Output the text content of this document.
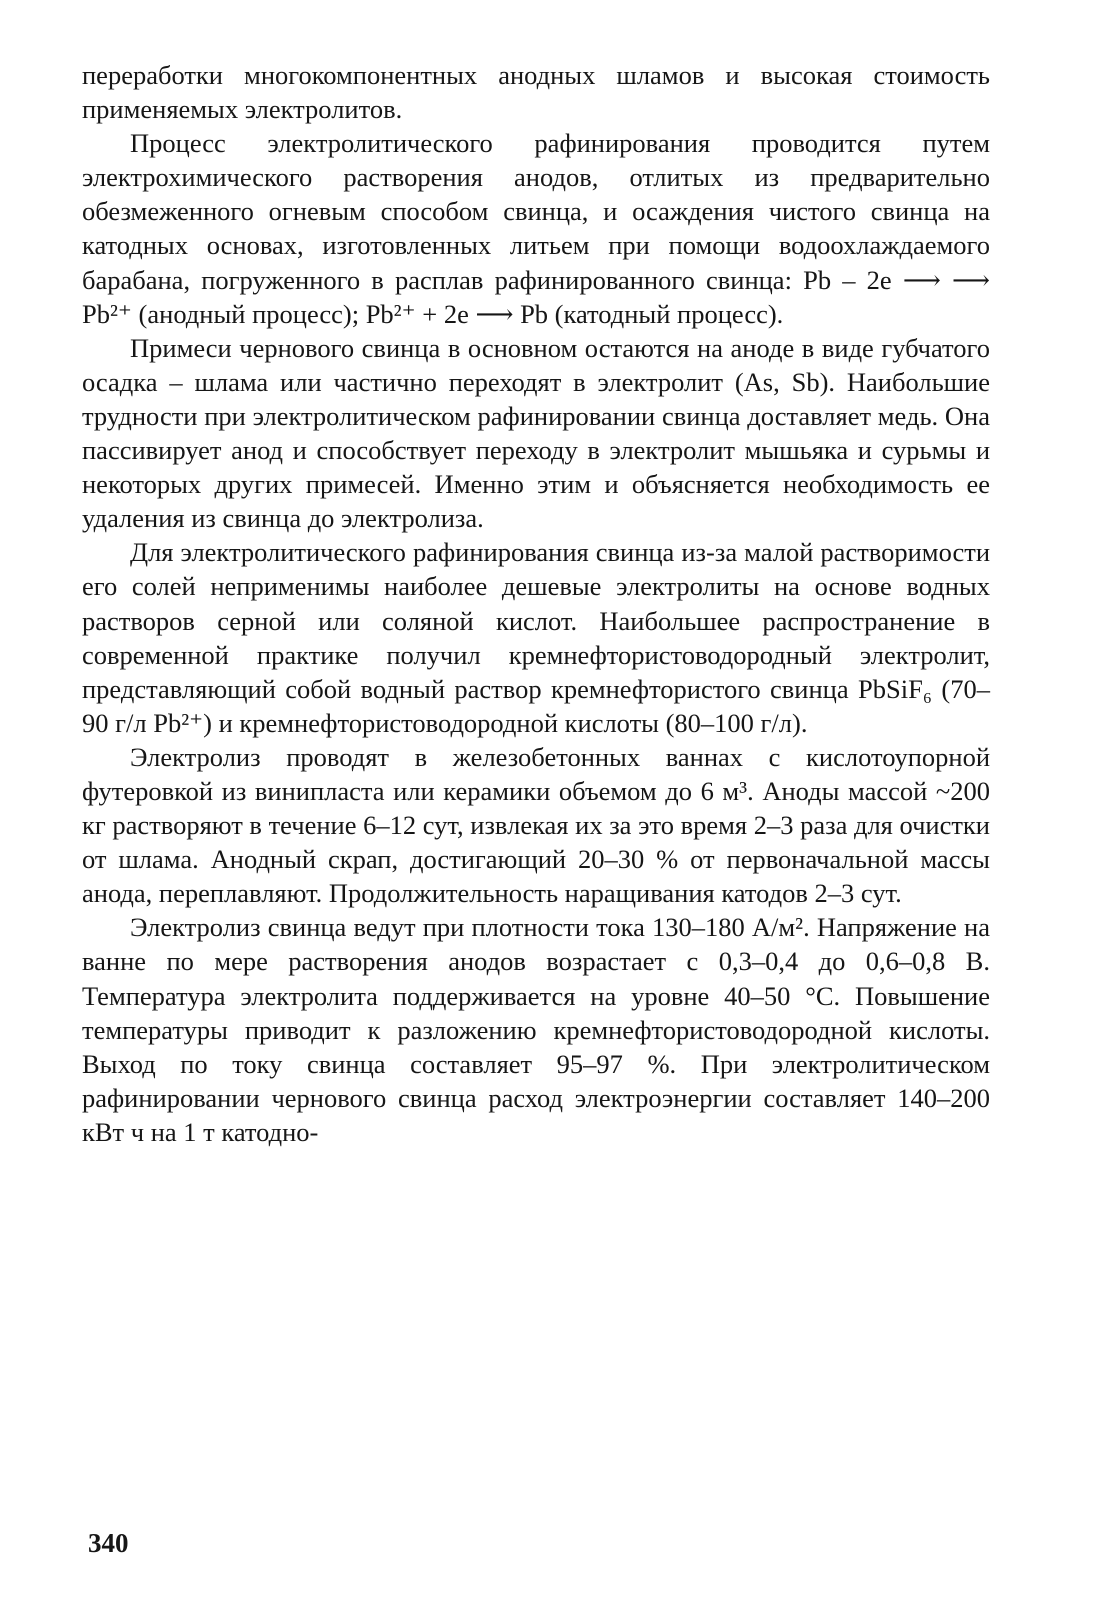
переработки многокомпонентных анодных шламов и высокая стоимость применяемых электролитов.

Процесс электролитического рафинирования проводится путем электрохимического растворения анодов, отлитых из предварительно обезмеженного огневым способом свинца, и осаждения чистого свинца на катодных основах, изготовленных литьем при помощи водоохлаждаемого барабана, погруженного в расплав рафинированного свинца: Pb – 2e ⟶ ⟶ Pb²⁺ (анодный процесс); Pb²⁺ + 2e ⟶ Pb (катодный процесс).

Примеси чернового свинца в основном остаются на аноде в виде губчатого осадка – шлама или частично переходят в электролит (As, Sb). Наибольшие трудности при электролитическом рафинировании свинца доставляет медь. Она пассивирует анод и способствует переходу в электролит мышьяка и сурьмы и некоторых других примесей. Именно этим и объясняется необходимость ее удаления из свинца до электролиза.

Для электролитического рафинирования свинца из-за малой растворимости его солей неприменимы наиболее дешевые электролиты на основе водных растворов серной или соляной кислот. Наибольшее распространение в современной практике получил кремнефтористоводородный электролит, представляющий собой водный раствор кремнефтористого свинца PbSiF₆ (70–90 г/л Pb²⁺) и кремнефтористоводородной кислоты (80–100 г/л).

Электролиз проводят в железобетонных ваннах с кислотоупорной футеровкой из винипласта или керамики объемом до 6 м³. Аноды массой ~200 кг растворяют в течение 6–12 сут, извлекая их за это время 2–3 раза для очистки от шлама. Анодный скрап, достигающий 20–30 % от первоначальной массы анода, переплавляют. Продолжительность наращивания катодов 2–3 сут.

Электролиз свинца ведут при плотности тока 130–180 А/м². Напряжение на ванне по мере растворения анодов возрастает с 0,3–0,4 до 0,6–0,8 В. Температура электролита поддерживается на уровне 40–50 °С. Повышение температуры приводит к разложению кремнефтористоводородной кислоты. Выход по току свинца составляет 95–97 %. При электролитическом рафинировании чернового свинца расход электроэнергии составляет 140–200 кВт ч на 1 т катодно-

340
